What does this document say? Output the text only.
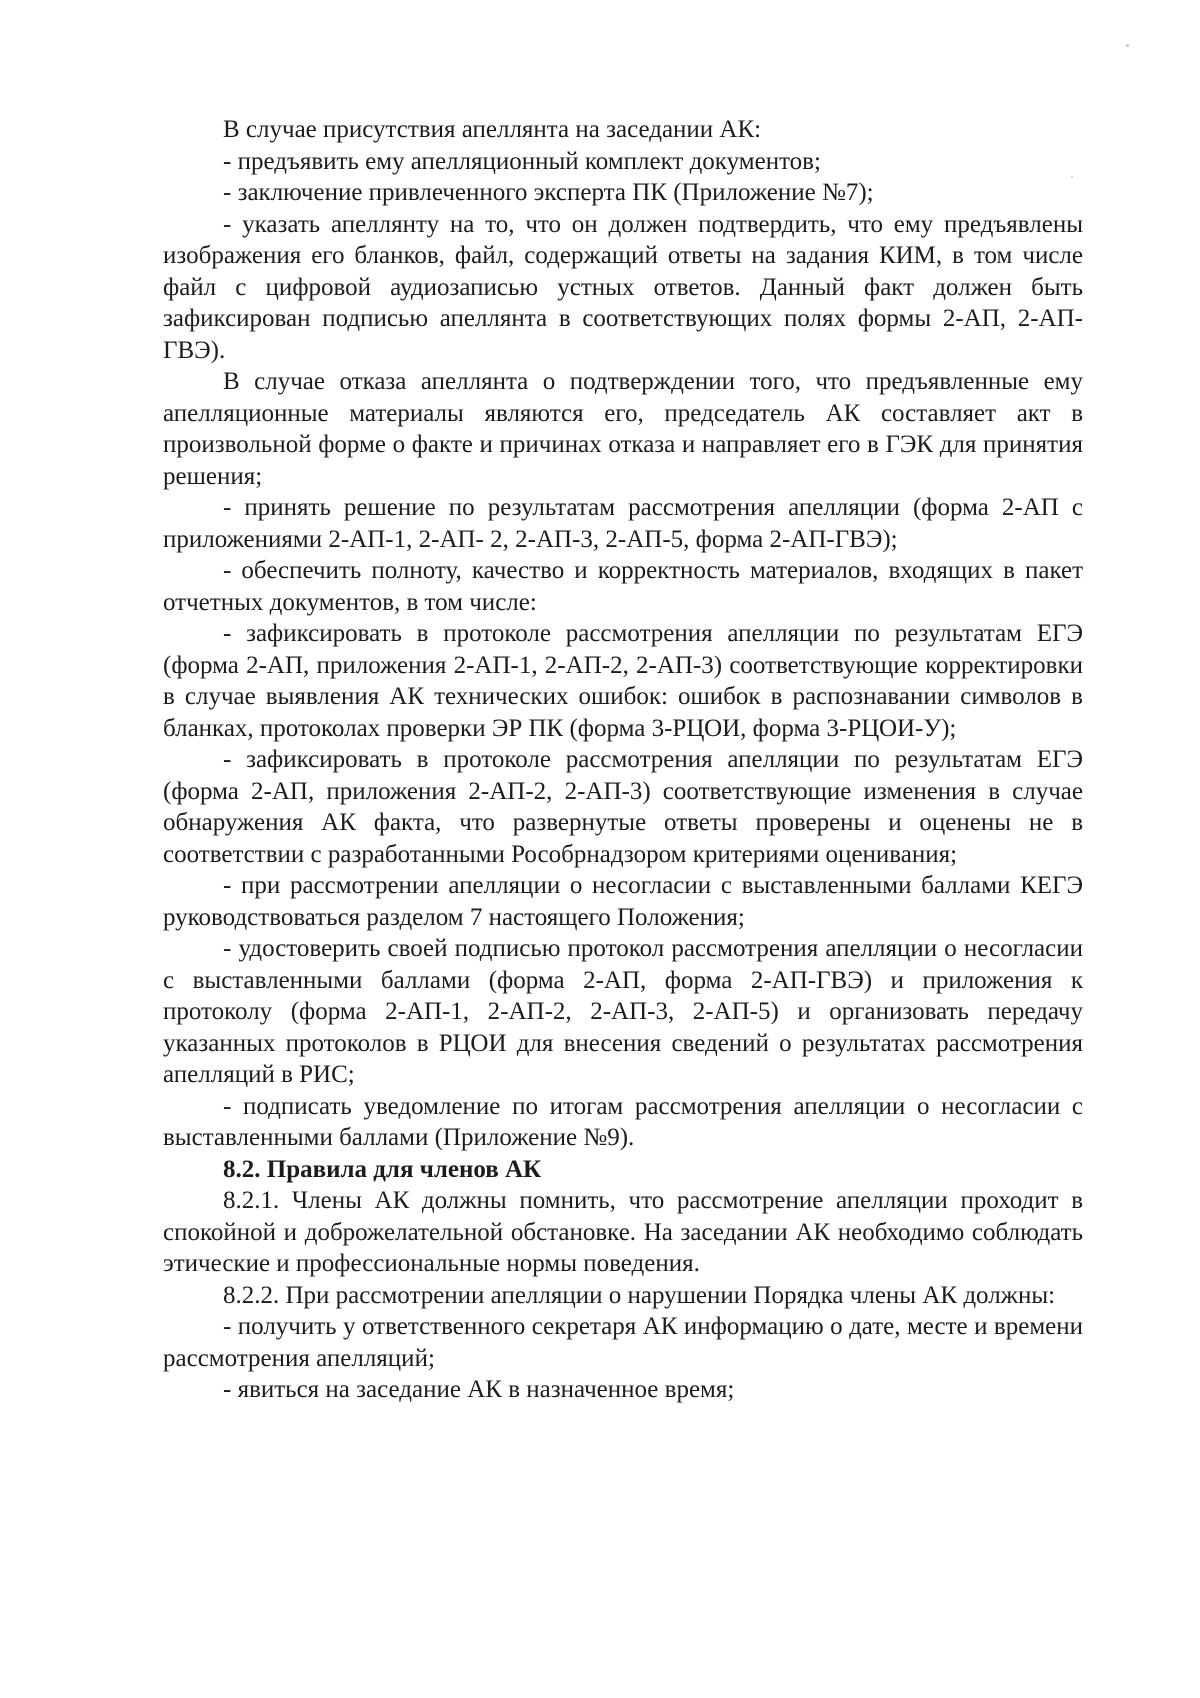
В случае присутствия апеллянта на заседании АК:

- предъявить ему апелляционный комплект документов;

- заключение привлеченного эксперта ПК (Приложение №7);

- указать апеллянту на то, что он должен подтвердить, что ему предъявлены изображения его бланков, файл, содержащий ответы на задания КИМ, в том числе файл с цифровой аудиозаписью устных ответов. Данный факт должен быть зафиксирован подписью апеллянта в соответствующих полях формы 2-АП, 2-АП-ГВЭ).

В случае отказа апеллянта о подтверждении того, что предъявленные ему апелляционные материалы являются его, председатель АК составляет акт в произвольной форме о факте и причинах отказа и направляет его в ГЭК для принятия решения;

- принять решение по результатам рассмотрения апелляции (форма 2-АП с приложениями 2-АП-1, 2-АП- 2, 2-АП-3, 2-АП-5, форма 2-АП-ГВЭ);

- обеспечить полноту, качество и корректность материалов, входящих в пакет отчетных документов, в том числе:

- зафиксировать в протоколе рассмотрения апелляции по результатам ЕГЭ (форма 2-АП, приложения 2-АП-1, 2-АП-2, 2-АП-3) соответствующие корректировки в случае выявления АК технических ошибок: ошибок в распознавании символов в бланках, протоколах проверки ЭР ПК (форма 3-РЦОИ, форма 3-РЦОИ-У);

- зафиксировать в протоколе рассмотрения апелляции по результатам ЕГЭ (форма 2-АП, приложения 2-АП-2, 2-АП-3) соответствующие изменения в случае обнаружения АК факта, что развернутые ответы проверены и оценены не в соответствии с разработанными Рособрнадзором критериями оценивания;

- при рассмотрении апелляции о несогласии с выставленными баллами КЕГЭ руководствоваться разделом 7 настоящего Положения;

- удостоверить своей подписью протокол рассмотрения апелляции о несогласии с выставленными баллами (форма 2-АП, форма 2-АП-ГВЭ) и приложения к протоколу (форма 2-АП-1, 2-АП-2, 2-АП-3, 2-АП-5) и организовать передачу указанных протоколов в РЦОИ для внесения сведений о результатах рассмотрения апелляций в РИС;

- подписать уведомление по итогам рассмотрения апелляции о несогласии с выставленными баллами (Приложение №9).

8.2. Правила для членов АК

8.2.1. Члены АК должны помнить, что рассмотрение апелляции проходит в спокойной и доброжелательной обстановке. На заседании АК необходимо соблюдать этические и профессиональные нормы поведения.

8.2.2. При рассмотрении апелляции о нарушении Порядка члены АК должны:

- получить у ответственного секретаря АК информацию о дате, месте и времени рассмотрения апелляций;

- явиться на заседание АК в назначенное время;
